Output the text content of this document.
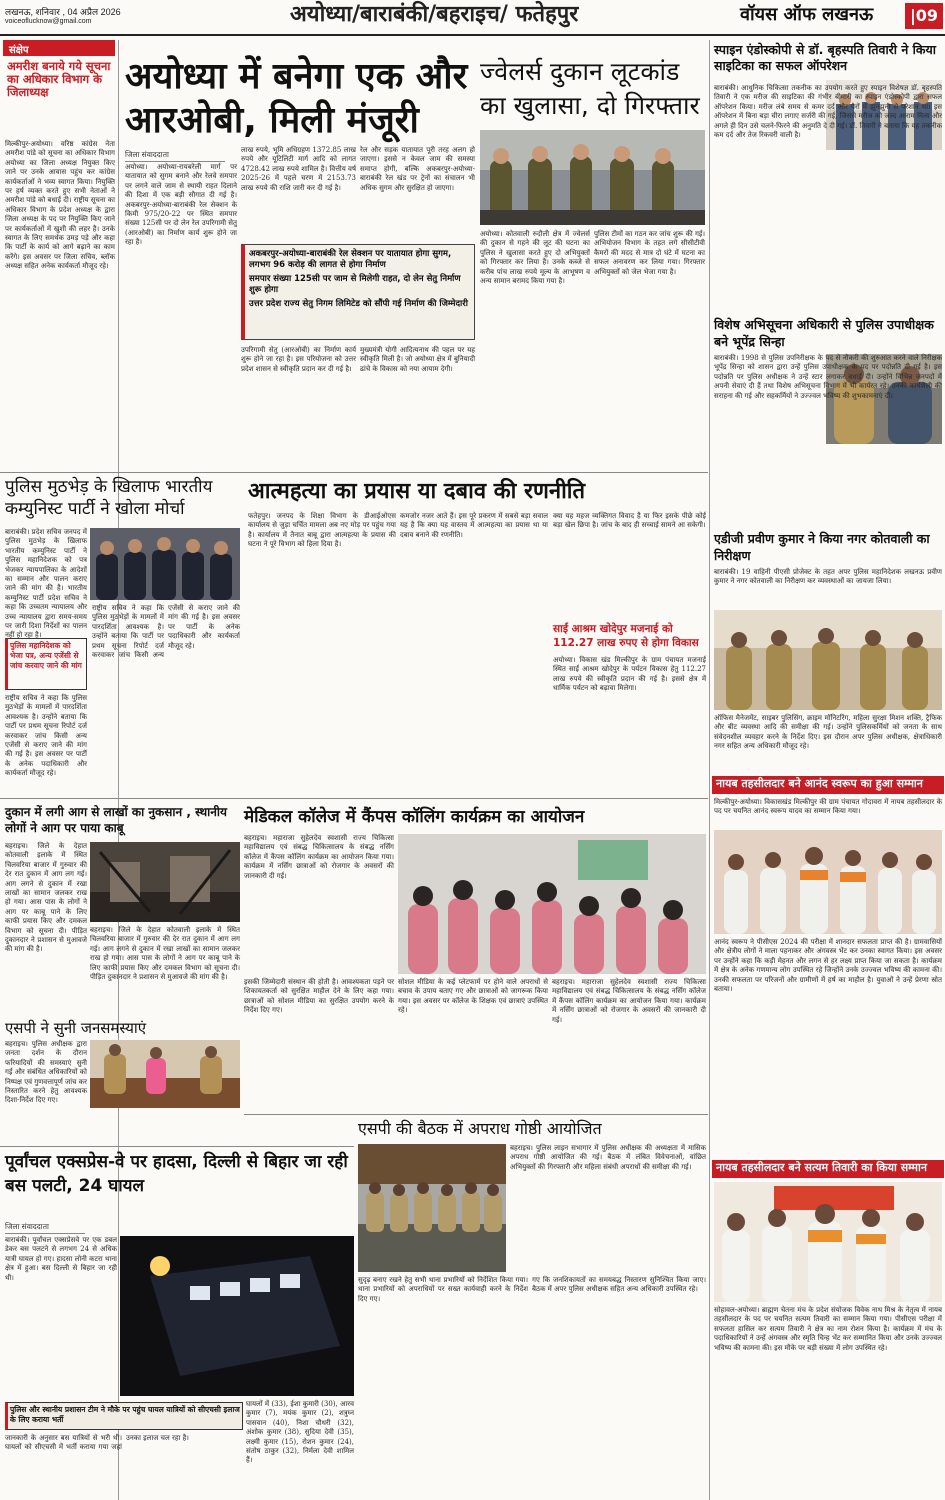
लखनऊ, शनिवार , 04 अप्रैल 2026
voiceoflucknow@gmail.com	अयोध्या/बाराबंकी/बहराइच/ फतेहपुर	वॉयस ऑफ लखनऊ	|09
संक्षेप
अमरीश बनाये गये सूचना का अधिकार विभाग के जिलाध्यक्ष
मिल्कीपुर-अयोध्या। वरिष्ठ कांग्रेस नेता अमरीश पांडे को सूचना का अधिकार विभाग अयोध्या का जिला अध्यक्ष नियुक्त किए जाने पर उनके आवास पहुंच कर कांग्रेस कार्यकर्ताओं ने भव्य स्वागत किया। नियुक्ति पर हर्ष व्यक्त करते हुए सभी नेताओं ने अमरीश पांडे को बधाई दी। राष्ट्रीय सूचना का अधिकार विभाग के प्रदेश अध्यक्ष के द्वारा जिला अध्यक्ष के पद पर नियुक्ति किए जाने पर कार्यकर्ताओं में खुशी की लहर है। उनके स्वागत के लिए समर्थक उमड़ पड़े और कहा कि पार्टी के कार्य को आगे बढ़ाने का काम करेंगे। इस अवसर पर जिला सचिव, ब्लॉक अध्यक्ष सहित अनेक कार्यकर्ता मौजूद रहे।
अयोध्या में बनेगा एक और आरओबी, मिली मंजूरी
जिला संवाददाता
अयोध्या। अयोध्या-रायबरेली मार्ग पर यातायात को सुगम बनाने और रेलवे समपार पर लगने वाले जाम से स्थायी राहत दिलाने की दिशा में एक बड़ी सौगात दी गई है। अकबरपुर-अयोध्या-बाराबंकी रेल सेक्शन के किमी 975/20-22 पर स्थित समपार संख्या 125सी पर दो लेन रेल उपरिगामी सेतु (आरओबी) का निर्माण कार्य शुरू होने जा रहा है।
लाख रुपये, भूमि अधिग्रहण 1372.85 लाख रुपये और यूटिलिटी मार्ग आदि को लागत 4728.42 लाख रुपये शामिल है। वित्तीय वर्ष 2025-26 में पहले चरण में 2153.73 लाख रुपये की राशि जारी कर दी गई है।
रेल और सड़क यातायात पूरी तरह अलग हो जाएगा। इससे न केवल जाम की समस्या समाप्त होगी, बल्कि अकबरपुर-अयोध्या-बाराबंकी रेल खंड पर ट्रेनों का संचालन भी अधिक सुगम और सुरक्षित हो जाएगा।
अकबरपुर-अयोध्या-बाराबंकी रेल सेक्शन पर यातायात होगा सुगम, लगभग 96 करोड़ की लागत से होगा निर्माण
समपार संख्या 125सी पर जाम से मिलेगी राहत, दो लेन सेतु निर्माण शुरू होगा
उत्तर प्रदेश राज्य सेतु निगम लिमिटेड को सौंपी गई निर्माण की जिम्मेदारी
उपरिगामी सेतु (आरओबी) का निर्माण कार्य शुरू होने जा रहा है। इस परियोजना को उत्तर प्रदेश शासन से स्वीकृति प्रदान कर दी गई है।
मुख्यमंत्री योगी आदित्यनाथ की पहल पर यह स्वीकृति मिली है। जो अयोध्या क्षेत्र में बुनियादी ढांचे के विकास को नया आयाम देगी।
ज्वेलर्स दुकान लूटकांड का खुलासा, दो गिरफ्तार
अयोध्या। कोतवाली रुदौली क्षेत्र में ज्वेलर्स की दुकान से गहने की लूट की घटना का पुलिस ने खुलासा करते हुए दो अभियुक्तों को गिरफ्तार कर लिया है। उनके कब्जे से करीब पांच लाख रुपये मूल्य के आभूषण व अन्य सामान बरामद किया गया है।
पुलिस टीमों का गठन कर जांच शुरू की गई। अभियोजन विभाग के तहत लगे सीसीटीवी कैमरों की मदद से मात्र दो घंटे में घटना का सफल अनावरण कर लिया गया। गिरफ्तार अभियुक्तों को जेल भेजा गया है।
स्पाइन एंडोस्कोपी से डॉ. बृहस्पति तिवारी ने किया साइटिका का सफल ऑपरेशन
बाराबंकी। आधुनिक चिकित्सा तकनीक का उपयोग करते हुए स्पाइन विशेषज्ञ डॉ. बृहस्पति तिवारी ने एक मरीज की साइटिका की गंभीर बीमारी का स्पाइन एंडोस्कोपी द्वारा सफल ऑपरेशन किया। मरीज लंबे समय से कमर दर्द और पैरों में झुनझुनी से परेशान था। इस ऑपरेशन में बिना बड़ा चीरा लगाए सर्जरी की गई, जिससे मरीज को जल्द आराम मिला और अगले ही दिन उसे चलने-फिरने की अनुमति दे दी गई। डॉ. तिवारी ने बताया कि यह तकनीक कम दर्द और तेज रिकवरी वाली है।
विशेष अभिसूचना अधिकारी से पुलिस उपाधीक्षक बने भूपेंद्र सिन्हा
बाराबंकी। 1998 से पुलिस उपनिरीक्षक के पद से नौकरी की शुरुआत करने वाले निरीक्षक भूपेंद्र सिन्हा को शासन द्वारा उन्हें पुलिस उपाधीक्षक के पद पर पदोन्नति दी गई है। इस पदोन्नति पर पुलिस अधीक्षक ने उन्हें स्टार लगाकर बधाई दी। उन्होंने विभिन्न जनपदों में अपनी सेवाएं दी हैं तथा विशेष अभिसूचना विभाग में भी कार्यरत रहे। उनकी कार्यशैली की सराहना की गई और सहकर्मियों ने उज्ज्वल भविष्य की शुभकामनाएं दीं।
एडीजी प्रवीण कुमार ने किया नगर कोतवाली का निरीक्षण
बाराबंकी। 19 वाहिनी पीएसी प्रोजेक्ट के तहत अपर पुलिस महानिदेशक लखनऊ प्रवीण कुमार ने नगर कोतवाली का निरीक्षण कर व्यवस्थाओं का जायजा लिया।
ऑफिस मैनेजमेंट, साइबर पुलिसिंग, क्राइम मॉनिटरिंग, महिला सुरक्षा मिशन शक्ति, ट्रैफिक और बीट व्यवस्था आदि की समीक्षा की गई। उन्होंने पुलिसकर्मियों को जनता के साथ संवेदनशील व्यवहार करने के निर्देश दिए। इस दौरान अपर पुलिस अधीक्षक, क्षेत्राधिकारी नगर सहित अन्य अधिकारी मौजूद रहे।
नायब तहसीलदार बने आनंद स्वरूप का हुआ सम्मान
मिल्कीपुर-अयोध्या। विकासखंड मिल्कीपुर की ग्राम पंचायत गोदावरा में नायब तहसीलदार के पद पर चयनित आनंद स्वरूप यादव का सम्मान किया गया।
आनंद स्वरूप ने पीसीएस 2024 की परीक्षा में शानदार सफलता प्राप्त की है। ग्रामवासियों और क्षेत्रीय लोगों ने माला पहनाकर और अंगवस्त्र भेंट कर उनका स्वागत किया। इस अवसर पर उन्होंने कहा कि कड़ी मेहनत और लगन से हर लक्ष्य प्राप्त किया जा सकता है। कार्यक्रम में क्षेत्र के अनेक गणमान्य लोग उपस्थित रहे जिन्होंने उनके उज्ज्वल भविष्य की कामना की। उनकी सफलता पर परिजनों और ग्रामीणों में हर्ष का माहौल है। युवाओं ने उन्हें प्रेरणा स्रोत बताया।
नायब तहसीलदार बने सत्यम तिवारी का किया सम्मान
सोहावल-अयोध्या। ब्राह्मण चेतना मंच के प्रदेश संयोजक विवेक नाथ मिश्र के नेतृत्व में नायब तहसीलदार के पद पर चयनित सत्यम तिवारी का सम्मान किया गया। पीसीएस परीक्षा में सफलता हासिल कर सत्यम तिवारी ने क्षेत्र का नाम रोशन किया है। कार्यक्रम में मंच के पदाधिकारियों ने उन्हें अंगवस्त्र और स्मृति चिन्ह भेंट कर सम्मानित किया और उनके उज्ज्वल भविष्य की कामना की। इस मौके पर बड़ी संख्या में लोग उपस्थित रहे।
पुलिस मुठभेड़ के खिलाफ भारतीय कम्युनिस्ट पार्टी ने खोला मोर्चा
बाराबंकी। प्रदेश सचिव जनपद में पुलिस मुठभेड़ के खिलाफ भारतीय कम्युनिस्ट पार्टी ने पुलिस महानिदेशक को पत्र भेजकर न्यायपालिका के आदेशों का सम्मान और पालन कराए जाने की मांग की है। भारतीय कम्युनिस्ट पार्टी प्रदेश सचिव ने कहा कि उच्चतम न्यायालय और उच्च न्यायालय द्वारा समय-समय पर जारी दिशा निर्देशों का पालन नहीं हो रहा है।
पुलिस महानिदेशक को भेजा पत्र, अन्य एजेंसी से जांच करवाए जाने की मांग
राष्ट्रीय सचिव ने कहा कि पुलिस मुठभेड़ों के मामलों में पारदर्शिता आवश्यक है। उन्होंने बताया कि पार्टी पर प्रथम सूचना रिपोर्ट दर्ज करवाकर जांच किसी अन्य एजेंसी से कराए जाने की मांग की गई है। इस अवसर पर पार्टी के अनेक पदाधिकारी और कार्यकर्ता मौजूद रहे।
राष्ट्रीय सचिव ने कहा कि पुलिस मुठभेड़ों के मामलों में पारदर्शिता आवश्यक है। उन्होंने बताया कि पार्टी पर प्रथम सूचना रिपोर्ट दर्ज करवाकर जांच किसी अन्य एजेंसी से कराए जाने की मांग की गई है। इस अवसर पर पार्टी के अनेक पदाधिकारी और कार्यकर्ता मौजूद रहे।
आत्महत्या का प्रयास या दबाव की रणनीति
फतेहपुर। जनपद के शिक्षा विभाग के डीआईओएस कार्यालय से जुड़ा चर्चित मामला अब नए मोड़ पर पहुंच गया है। कार्यालय में तैनात बाबू द्वारा आत्महत्या के प्रयास की घटना ने पूरे विभाग को हिला दिया है।
कमजोर नजर आते हैं। इस पूरे प्रकरण में सबसे बड़ा सवाल यह है कि क्या यह वास्तव में आत्महत्या का प्रयास था या दबाव बनाने की रणनीति।
क्या यह महज व्यक्तिगत विवाद है या फिर इसके पीछे कोई बड़ा खेल छिपा है। जांच के बाद ही सच्चाई सामने आ सकेगी।
साईं आश्रम खोदेपुर मजनाई को 112.27 लाख रुपए से होगा विकास
अयोध्या। विकास खंड मिल्कीपुर के ग्राम पंचायत मजनाई स्थित साईं आश्रम खोदेपुर के पर्यटन विकास हेतु 112.27 लाख रुपये की स्वीकृति प्रदान की गई है। इससे क्षेत्र में धार्मिक पर्यटन को बढ़ावा मिलेगा।
दुकान में लगी आग से लाखों का नुकसान , स्थानीय लोगों ने आग पर पाया काबू
बहराइच। जिले के देहात कोतवाली इलाके में स्थित चिलवरिया बाजार में गुरुवार की देर रात दुकान में आग लग गई। आग लगने से दुकान में रखा लाखों का सामान जलकर राख हो गया। आस पास के लोगों ने आग पर काबू पाने के लिए काफी प्रयास किए और दमकल विभाग को सूचना दी। पीड़ित दुकानदार ने प्रशासन से मुआवजे की मांग की है।
बहराइच। जिले के देहात कोतवाली इलाके में स्थित चिलवरिया बाजार में गुरुवार की देर रात दुकान में आग लग गई। आग लगने से दुकान में रखा लाखों का सामान जलकर राख हो गया। आस पास के लोगों ने आग पर काबू पाने के लिए काफी प्रयास किए और दमकल विभाग को सूचना दी। पीड़ित दुकानदार ने प्रशासन से मुआवजे की मांग की है।
एसपी ने सुनी जनसमस्याएं
बहराइच। पुलिस अधीक्षक द्वारा जनता दर्शन के दौरान फरियादियों की समस्याएं सुनी गईं और संबंधित अधिकारियों को निष्पक्ष एवं गुणवत्तापूर्ण जांच कर निस्तारित करने हेतु आवश्यक दिशा-निर्देश दिए गए।
मेडिकल कॉलेज में कैंपस कॉलिंग कार्यक्रम का आयोजन
बहराइच। महाराजा सुहेलदेव स्वशासी राज्य चिकित्सा महाविद्यालय एवं संबद्ध चिकित्सालय के संबद्ध नर्सिंग कॉलेज में कैंपस कॉलिंग कार्यक्रम का आयोजन किया गया। कार्यक्रम में नर्सिंग छात्राओं को रोजगार के अवसरों की जानकारी दी गई।
इसकी जिम्मेदारी संस्थान की होती है। आवश्यकता पड़ने पर शिकायतकर्ता को सुरक्षित माहौल देने के लिए कहा गया। छात्राओं को सोशल मीडिया का सुरक्षित उपयोग करने के निर्देश दिए गए।
सोशल मीडिया के कई प्लेटफार्म पर होने वाले अपराधों से बचाव के उपाय बताए गए और छात्राओं को जागरूक किया गया। इस अवसर पर कॉलेज के शिक्षक एवं छात्राएं उपस्थित रहे।
बहराइच। महाराजा सुहेलदेव स्वशासी राज्य चिकित्सा महाविद्यालय एवं संबद्ध चिकित्सालय के संबद्ध नर्सिंग कॉलेज में कैंपस कॉलिंग कार्यक्रम का आयोजन किया गया। कार्यक्रम में नर्सिंग छात्राओं को रोजगार के अवसरों की जानकारी दी गई।
एसपी की बैठक में अपराध गोष्ठी आयोजित
बहराइच। पुलिस लाइन सभागार में पुलिस अधीक्षक की अध्यक्षता में मासिक अपराध गोष्ठी आयोजित की गई। बैठक में लंबित विवेचनाओं, वांछित अभियुक्तों की गिरफ्तारी और महिला संबंधी अपराधों की समीक्षा की गई।
सुदृढ़ बनाए रखने हेतु सभी थाना प्रभारियों को निर्देशित किया गया। थाना प्रभारियों को अपराधियों पर सख्त कार्यवाही करने के निर्देश दिए गए।
गए कि जनशिकायतों का समयबद्ध निस्तारण सुनिश्चित किया जाए। बैठक में अपर पुलिस अधीक्षक सहित अन्य अधिकारी उपस्थित रहे।
पूर्वांचल एक्सप्रेस-वे पर हादसा, दिल्ली से बिहार जा रही बस पलटी, 24 घायल
जिला संवाददाता
बाराबंकी। पूर्वांचल एक्सप्रेसवे पर एक डबल डेकर बस पलटने से लगभग 24 से अधिक यात्री घायल हो गए। हादसा लोनी कटरा थाना क्षेत्र में हुआ। बस दिल्ली से बिहार जा रही थी।
पुलिस और स्थानीय प्रशासन टीम ने मौके पर पहुंच घायल यात्रियों को सीएचसी इलाज के लिए कराया भर्ती
घायलों में (33), ईशा कुमारी (30), आरव कुमार (7), मयंक कुमार (2), शत्रुघ्न पासवान (40), निशा चौधरी (32), अंशोक कुमार (38), सुदिया देवी (35), लक्ष्मी कुमार (15), रोशन कुमार (24), संतोष ठाकुर (32), निर्मला देवी शामिल हैं।
जानकारी के अनुसार बस यात्रियों से भरी थी। घायलों को सीएचसी में भर्ती कराया गया जहां उनका इलाज चल रहा है।
